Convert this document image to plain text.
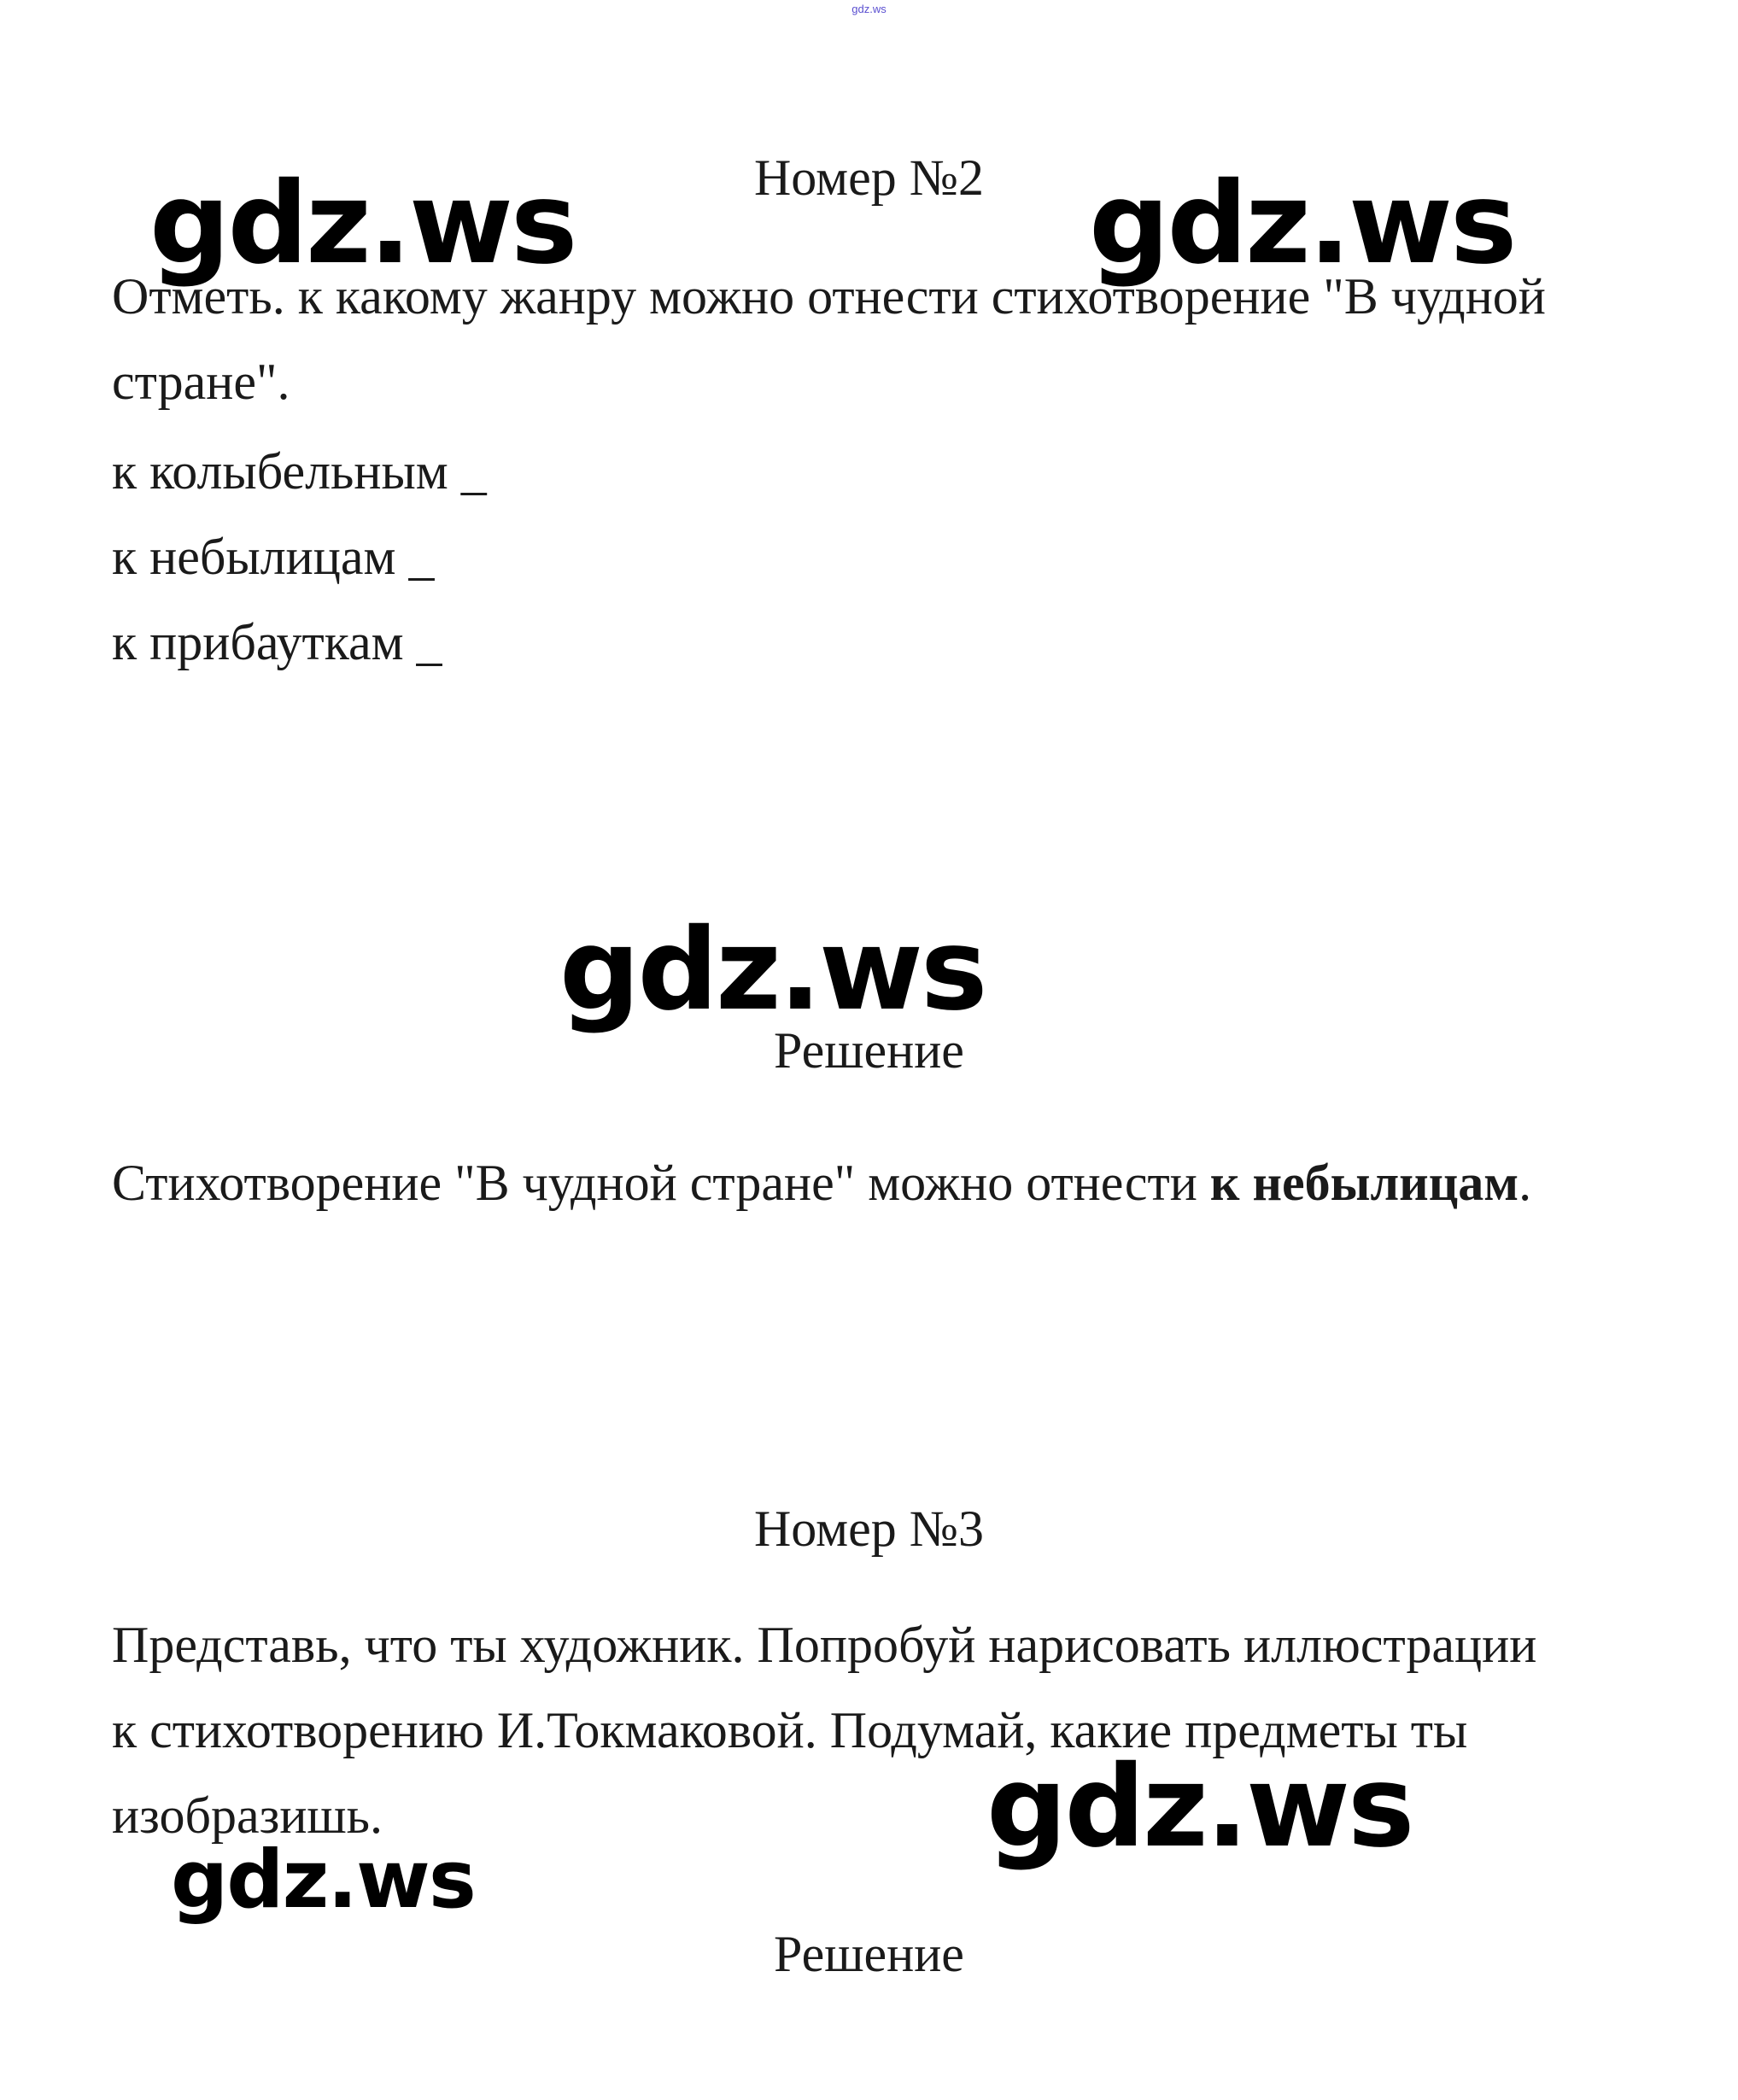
gdz.ws
Номер №2

Отметь. к какому жанру можно отнести стихотворение "В чудной стране".

к колыбельным _
к небылицам _
к прибауткам _
Решение

Стихотворение "В чудной стране" можно отнести к небылицам.

Номер №3

Представь, что ты художник. Попробуй нарисовать иллюстрации к стихотворению И.Токмаковой. Подумай, какие предметы ты изобразишь.

Решение
gdz.ws	gdz.ws
gdz.ws
gdz.ws
gdz.ws
